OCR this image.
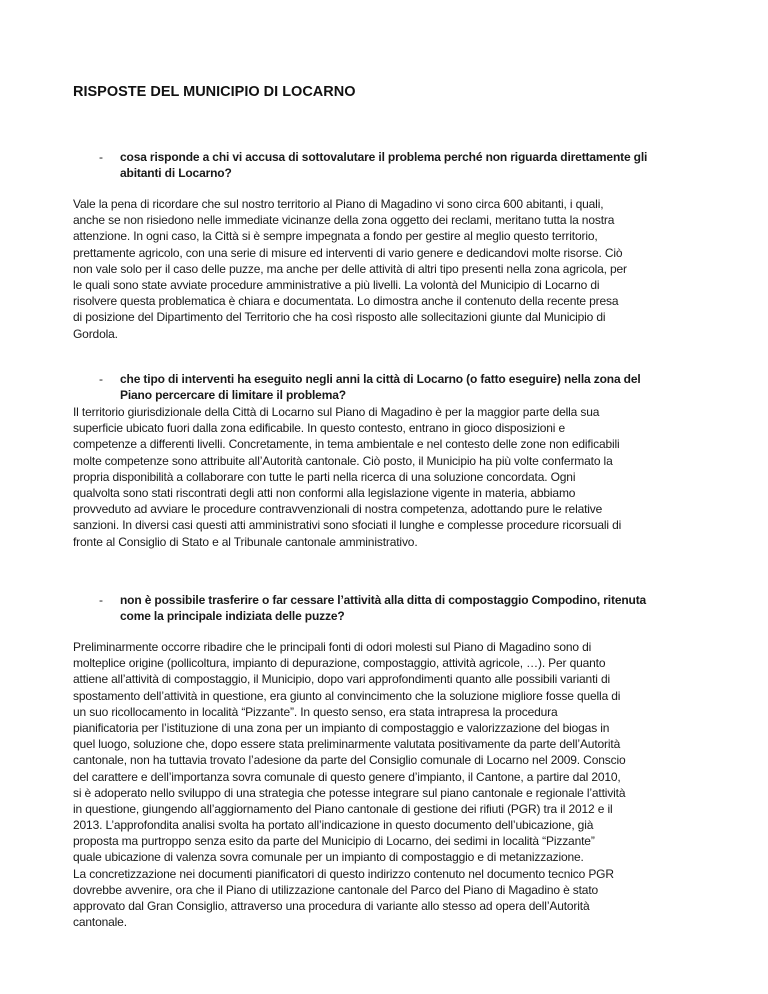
RISPOSTE DEL MUNICIPIO DI LOCARNO
- cosa risponde a chi vi accusa di sottovalutare il problema perché non riguarda direttamente gli
abitanti di Locarno?
Vale la pena di ricordare che sul nostro territorio al Piano di Magadino vi sono circa 600 abitanti, i quali,
anche se non risiedono nelle immediate vicinanze della zona oggetto dei reclami, meritano tutta la nostra
attenzione. In ogni caso, la Città si è sempre impegnata a fondo per gestire al meglio questo territorio,
prettamente agricolo, con una serie di misure ed interventi di vario genere e dedicandovi molte risorse. Ciò
non vale solo per il caso delle puzze, ma anche per delle attività di altri tipo presenti nella zona agricola, per
le quali sono state avviate procedure amministrative a più livelli. La volontà del Municipio di Locarno di
risolvere questa problematica è chiara e documentata. Lo dimostra anche il contenuto della recente presa
di posizione del Dipartimento del Territorio che ha così risposto alle sollecitazioni giunte dal Municipio di
Gordola.
- che tipo di interventi ha eseguito negli anni la città di Locarno (o fatto eseguire) nella zona del
Piano percercare di limitare il problema?
Il territorio giurisdizionale della Città di Locarno sul Piano di Magadino è per la maggior parte della sua
superficie ubicato fuori dalla zona edificabile. In questo contesto, entrano in gioco disposizioni e
competenze a differenti livelli. Concretamente, in tema ambientale e nel contesto delle zone non edificabili
molte competenze sono attribuite all’Autorità cantonale. Ciò posto, il Municipio ha più volte confermato la
propria disponibilità a collaborare con tutte le parti nella ricerca di una soluzione concordata. Ogni
qualvolta sono stati riscontrati degli atti non conformi alla legislazione vigente in materia, abbiamo
provveduto ad avviare le procedure contravvenzionali di nostra competenza, adottando pure le relative
sanzioni. In diversi casi questi atti amministrativi sono sfociati il lunghe e complesse procedure ricorsuali di
fronte al Consiglio di Stato e al Tribunale cantonale amministrativo.
- non è possibile trasferire o far cessare l’attività alla ditta di compostaggio Compodino, ritenuta
come la principale indiziata delle puzze?
Preliminarmente occorre ribadire che le principali fonti di odori molesti sul Piano di Magadino sono di
molteplice origine (pollicoltura, impianto di depurazione, compostaggio, attività agricole, …). Per quanto
attiene all’attività di compostaggio, il Municipio, dopo vari approfondimenti quanto alle possibili varianti di
spostamento dell’attività in questione, era giunto al convincimento che la soluzione migliore fosse quella di
un suo ricollocamento in località “Pizzante”. In questo senso, era stata intrapresa la procedura
pianificatoria per l’istituzione di una zona per un impianto di compostaggio e valorizzazione del biogas in
quel luogo, soluzione che, dopo essere stata preliminarmente valutata positivamente da parte dell’Autorità
cantonale, non ha tuttavia trovato l’adesione da parte del Consiglio comunale di Locarno nel 2009. Conscio
del carattere e dell’importanza sovra comunale di questo genere d’impianto, il Cantone, a partire dal 2010,
si è adoperato nello sviluppo di una strategia che potesse integrare sul piano cantonale e regionale l’attività
in questione, giungendo all’aggiornamento del Piano cantonale di gestione dei rifiuti (PGR) tra il 2012 e il
2013. L’approfondita analisi svolta ha portato all’indicazione in questo documento dell’ubicazione, già
proposta ma purtroppo senza esito da parte del Municipio di Locarno, dei sedimi in località “Pizzante”
quale ubicazione di valenza sovra comunale per un impianto di compostaggio e di metanizzazione.
La concretizzazione nei documenti pianificatori di questo indirizzo contenuto nel documento tecnico PGR
dovrebbe avvenire, ora che il Piano di utilizzazione cantonale del Parco del Piano di Magadino è stato
approvato dal Gran Consiglio, attraverso una procedura di variante allo stesso ad opera dell’Autorità
cantonale.
